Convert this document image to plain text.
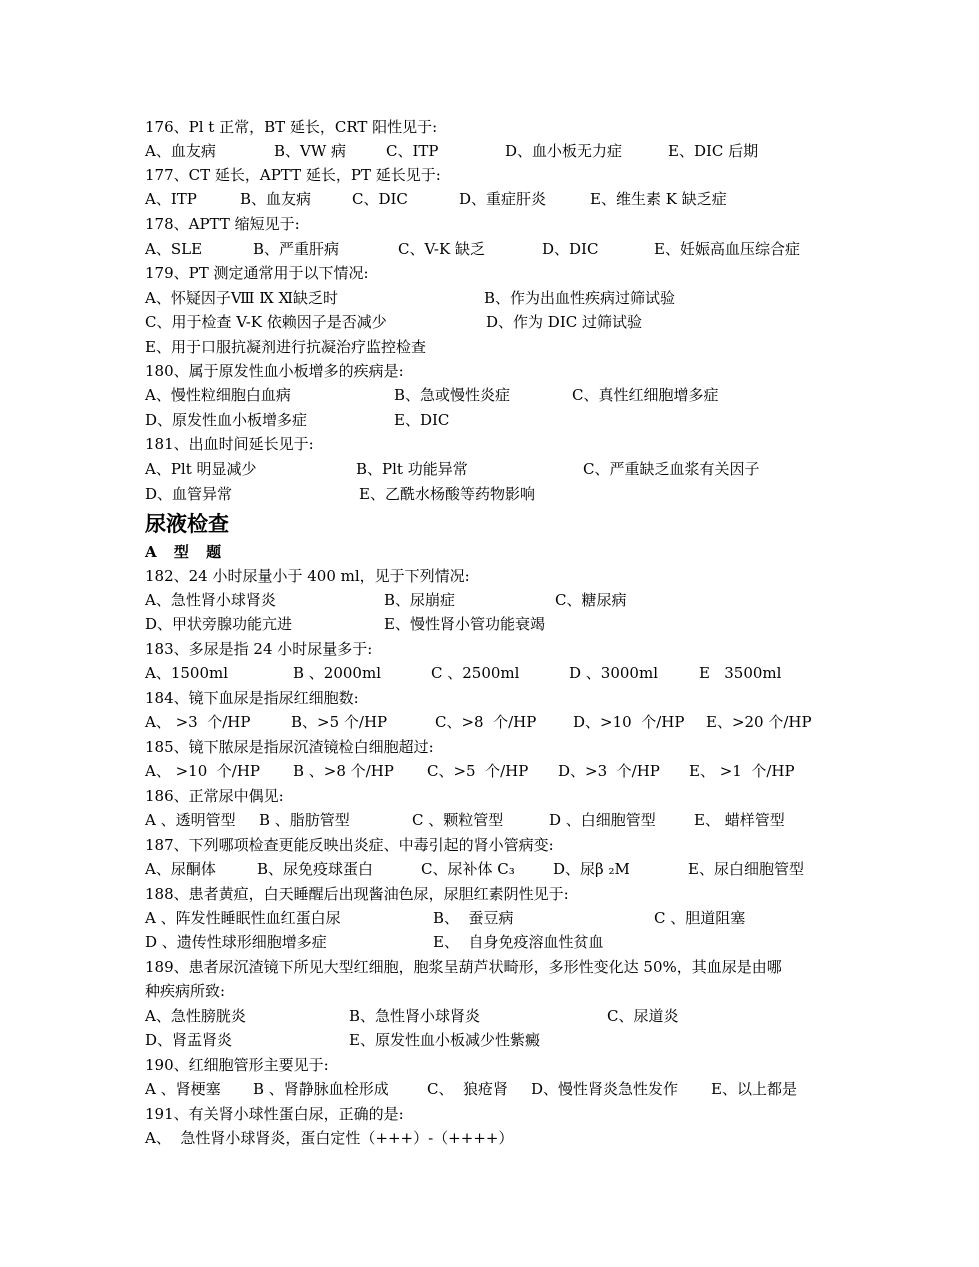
176、Pl t 正常，BT 延长，CRT 阳性见于:

A、血友病

	B、VW 病

	C、ITP

	D、血小板无力症

	E、DIC 后期

177、CT 延长，APTT 延长，PT 延长见于:

A、ITP

	B、血友病

	C、DIC

	D、重症肝炎

	E、维生素 K 缺乏症

178、APTT 缩短见于:

A、SLE

	B、严重肝病

	C、V-K 缺乏

	D、DIC

	E、妊娠高血压综合症

179、PT 测定通常用于以下情况:

A、怀疑因子Ⅷ Ⅸ Ⅺ缺乏时

	B、作为出血性疾病过筛试验

C、用于检查 V-K 依赖因子是否减少

	D、作为 DIC 过筛试验

E、用于口服抗凝剂进行抗凝治疗监控检查

180、属于原发性血小板增多的疾病是:

A、慢性粒细胞白血病

	B、急或慢性炎症

	C、真性红细胞增多症

D、原发性血小板增多症

	E、DIC

181、出血时间延长见于:

A、Plt 明显减少

	B、Plt 功能异常

	C、严重缺乏血浆有关因子

D、血管异常

	E、乙酰水杨酸等药物影响

尿液检查
A 型 题

182、24 小时尿量小于 400 ml，见于下列情况:

A、急性肾小球肾炎

	B、尿崩症

	C、糖尿病

D、甲状旁腺功能亢进

	E、慢性肾小管功能衰竭

183、多尿是指 24 小时尿量多于:

A、1500ml

	B 、2000ml

	C 、2500ml

	D 、3000ml

	E   3500ml

184、镜下血尿是指尿红细胞数:

A、 >3  个/HP

	B、>5 个/HP

	C、>8  个/HP

D、>10  个/HP

E、>20 个/HP

185、镜下脓尿是指尿沉渣镜检白细胞超过:

A、 >10  个/HP

B 、>8 个/HP

C、>5  个/HP

D、>3  个/HP

E、 >1  个/HP

186、正常尿中偶见:

A 、透明管型

B 、脂肪管型

	C 、颗粒管型

	D 、白细胞管型

	E、 蜡样管型

187、下列哪项检查更能反映出炎症、中毒引起的肾小管病变:

A、尿酮体

	B、尿免疫球蛋白

	C、尿补体 C₃

	D、尿β ₂M

	E、尿白细胞管型

188、患者黄疸，白天睡醒后出现酱油色尿，尿胆红素阴性见于:

A 、阵发性睡眠性血红蛋白尿

	B、  蚕豆病

	C 、胆道阻塞

D 、遗传性球形细胞增多症

	E、  自身免疫溶血性贫血

189、患者尿沉渣镜下所见大型红细胞，胞浆呈葫芦状畸形，多形性变化达 50%，其血尿是由哪

种疾病所致:

A、急性膀胱炎

	B、急性肾小球肾炎

	C、尿道炎

D、肾盂肾炎

	E、原发性血小板减少性紫癜

190、红细胞管形主要见于:

A 、肾梗塞

B 、肾静脉血栓形成

	C、  狼疮肾

D、慢性肾炎急性发作

E、以上都是

191、有关肾小球性蛋白尿，正确的是:

A、  急性肾小球肾炎，蛋白定性（+++）-（++++）
